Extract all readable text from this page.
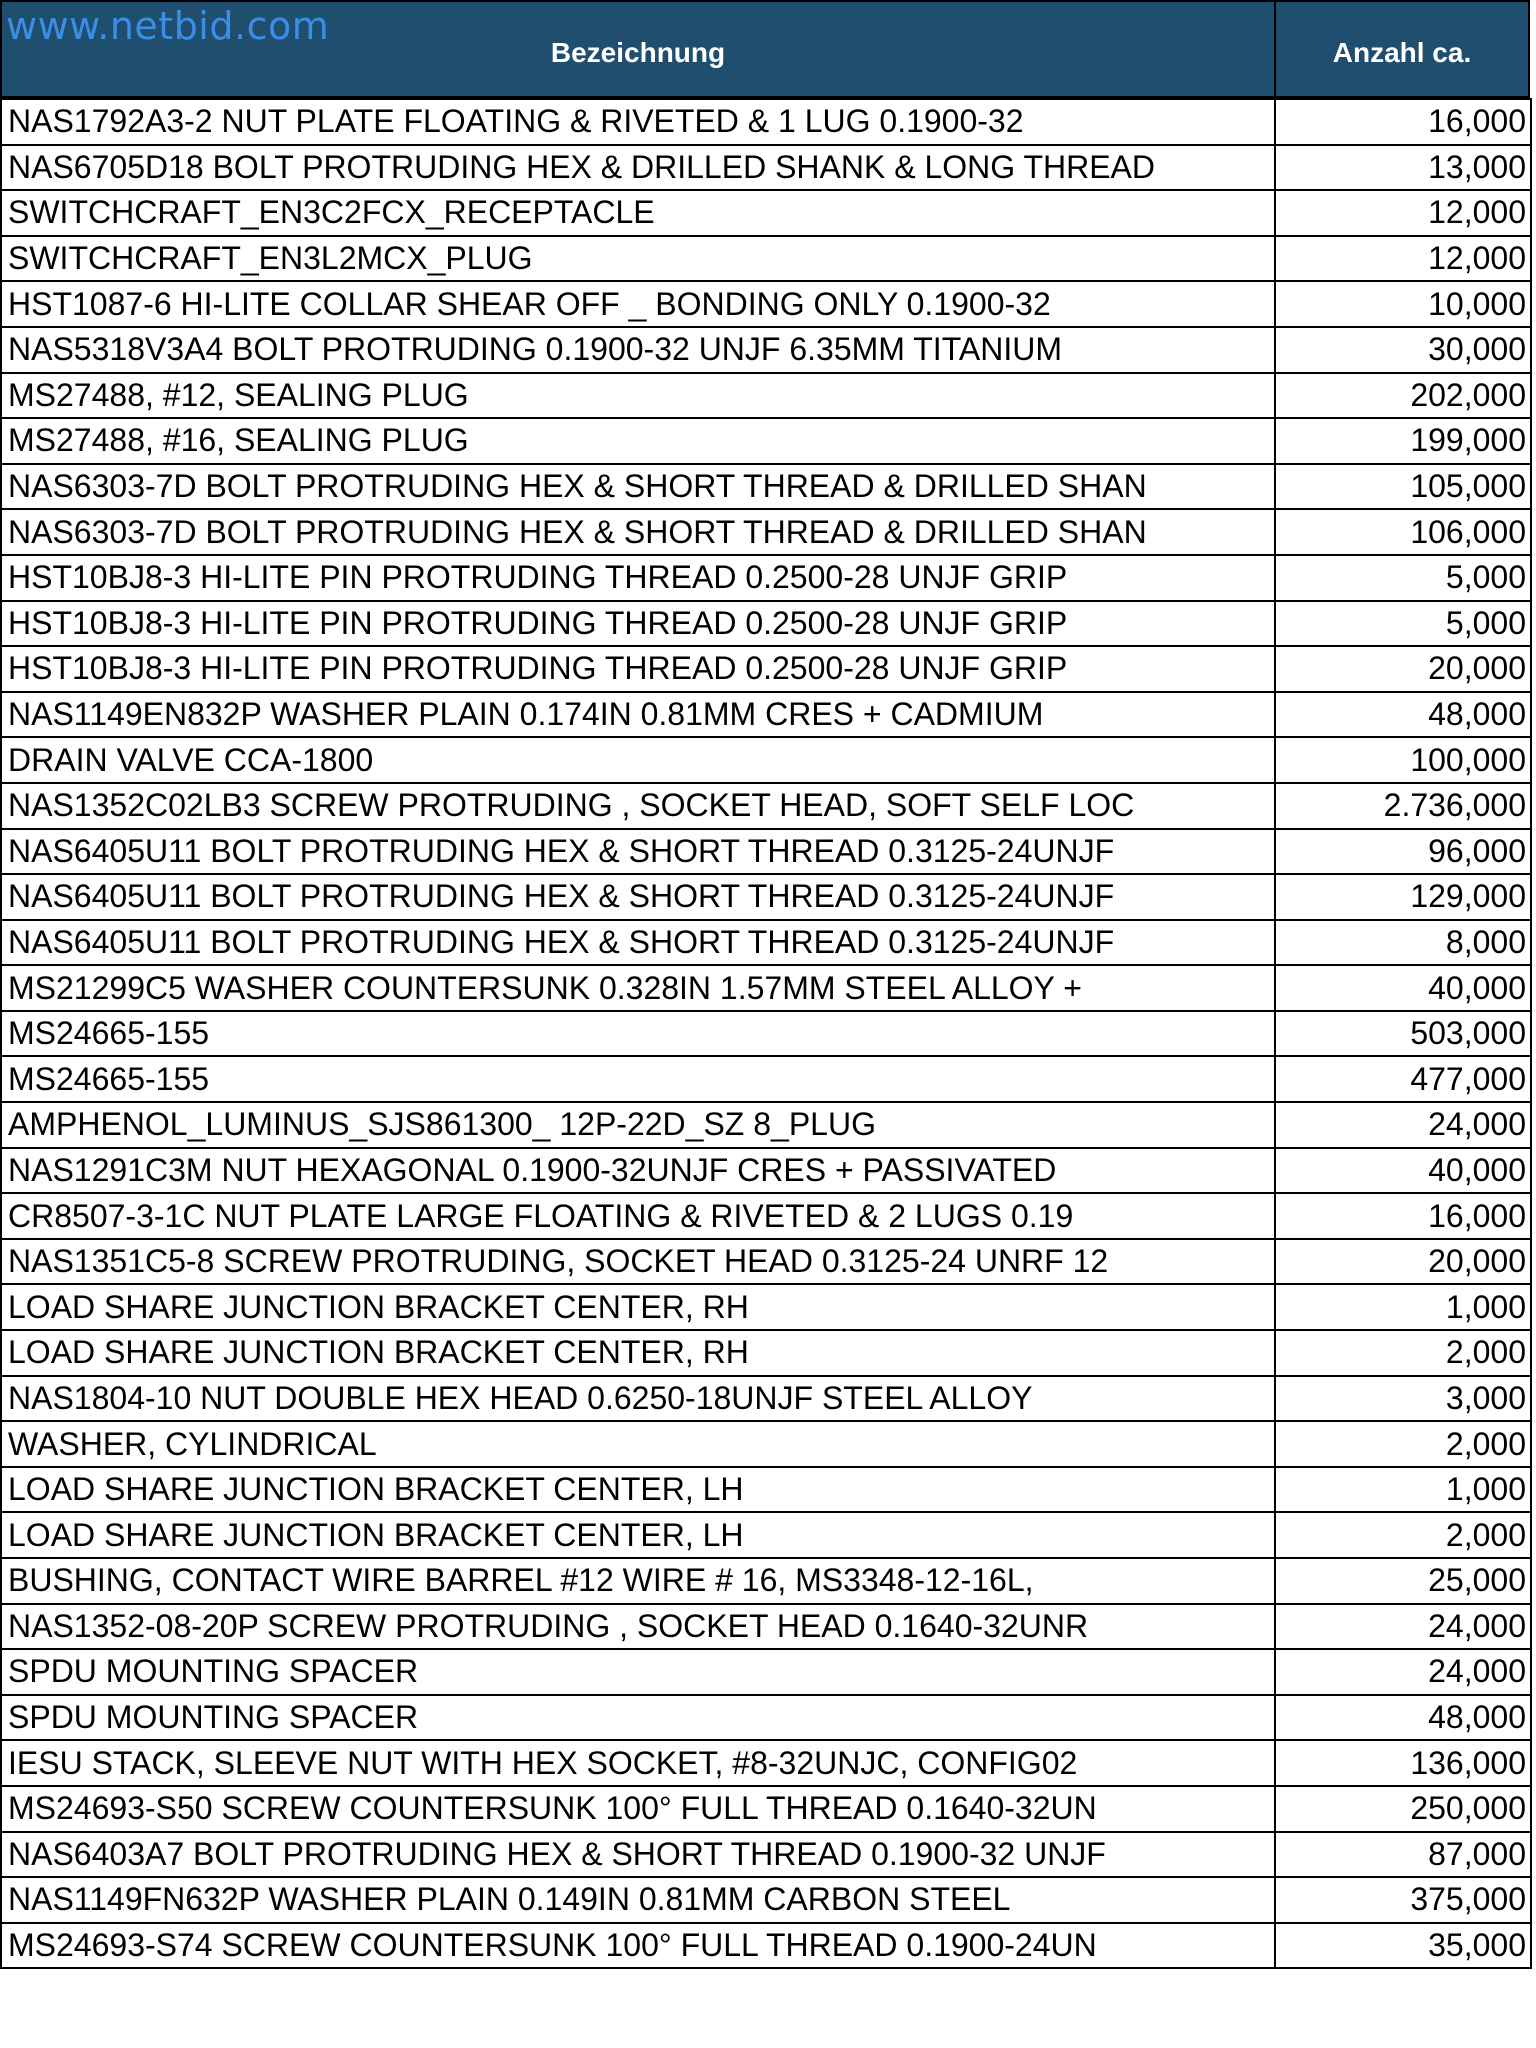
Bezeichnung	Anzahl ca.
www.netbid.com
NAS1792A3-2 NUT PLATE FLOATING & RIVETED & 1 LUG 0.1900-32	16,000
NAS6705D18 BOLT PROTRUDING HEX & DRILLED SHANK & LONG THREAD	13,000
SWITCHCRAFT_EN3C2FCX_RECEPTACLE	12,000
SWITCHCRAFT_EN3L2MCX_PLUG	12,000
HST1087-6 HI-LITE COLLAR SHEAR OFF _ BONDING ONLY 0.1900-32	10,000
NAS5318V3A4 BOLT PROTRUDING 0.1900-32 UNJF 6.35MM TITANIUM	30,000
MS27488, #12, SEALING PLUG	202,000
MS27488, #16, SEALING PLUG	199,000
NAS6303-7D BOLT PROTRUDING HEX & SHORT THREAD & DRILLED SHAN	105,000
NAS6303-7D BOLT PROTRUDING HEX & SHORT THREAD & DRILLED SHAN	106,000
HST10BJ8-3 HI-LITE PIN PROTRUDING THREAD 0.2500-28 UNJF GRIP	5,000
HST10BJ8-3 HI-LITE PIN PROTRUDING THREAD 0.2500-28 UNJF GRIP	5,000
HST10BJ8-3 HI-LITE PIN PROTRUDING THREAD 0.2500-28 UNJF GRIP	20,000
NAS1149EN832P WASHER PLAIN 0.174IN 0.81MM CRES + CADMIUM	48,000
DRAIN VALVE CCA-1800	100,000
NAS1352C02LB3 SCREW PROTRUDING , SOCKET HEAD, SOFT SELF LOC	2.736,000
NAS6405U11 BOLT PROTRUDING HEX & SHORT THREAD 0.3125-24UNJF	96,000
NAS6405U11 BOLT PROTRUDING HEX & SHORT THREAD 0.3125-24UNJF	129,000
NAS6405U11 BOLT PROTRUDING HEX & SHORT THREAD 0.3125-24UNJF	8,000
MS21299C5 WASHER COUNTERSUNK 0.328IN 1.57MM STEEL ALLOY +	40,000
MS24665-155	503,000
MS24665-155	477,000
AMPHENOL_LUMINUS_SJS861300_ 12P-22D_SZ 8_PLUG	24,000
NAS1291C3M NUT HEXAGONAL 0.1900-32UNJF CRES + PASSIVATED	40,000
CR8507-3-1C NUT PLATE LARGE FLOATING & RIVETED & 2 LUGS 0.19	16,000
NAS1351C5-8 SCREW PROTRUDING, SOCKET HEAD 0.3125-24 UNRF 12	20,000
LOAD SHARE JUNCTION BRACKET CENTER, RH	1,000
LOAD SHARE JUNCTION BRACKET CENTER, RH	2,000
NAS1804-10 NUT DOUBLE HEX HEAD 0.6250-18UNJF STEEL ALLOY	3,000
WASHER, CYLINDRICAL	2,000
LOAD SHARE JUNCTION BRACKET CENTER, LH	1,000
LOAD SHARE JUNCTION BRACKET CENTER, LH	2,000
BUSHING, CONTACT WIRE BARREL #12 WIRE # 16, MS3348-12-16L,	25,000
NAS1352-08-20P SCREW PROTRUDING , SOCKET HEAD 0.1640-32UNR	24,000
SPDU MOUNTING SPACER	24,000
SPDU MOUNTING SPACER	48,000
IESU STACK, SLEEVE NUT WITH HEX SOCKET, #8-32UNJC, CONFIG02	136,000
MS24693-S50 SCREW COUNTERSUNK 100° FULL THREAD 0.1640-32UN	250,000
NAS6403A7 BOLT PROTRUDING HEX & SHORT THREAD 0.1900-32 UNJF	87,000
NAS1149FN632P WASHER PLAIN 0.149IN 0.81MM CARBON STEEL	375,000
MS24693-S74 SCREW COUNTERSUNK 100° FULL THREAD 0.1900-24UN	35,000
